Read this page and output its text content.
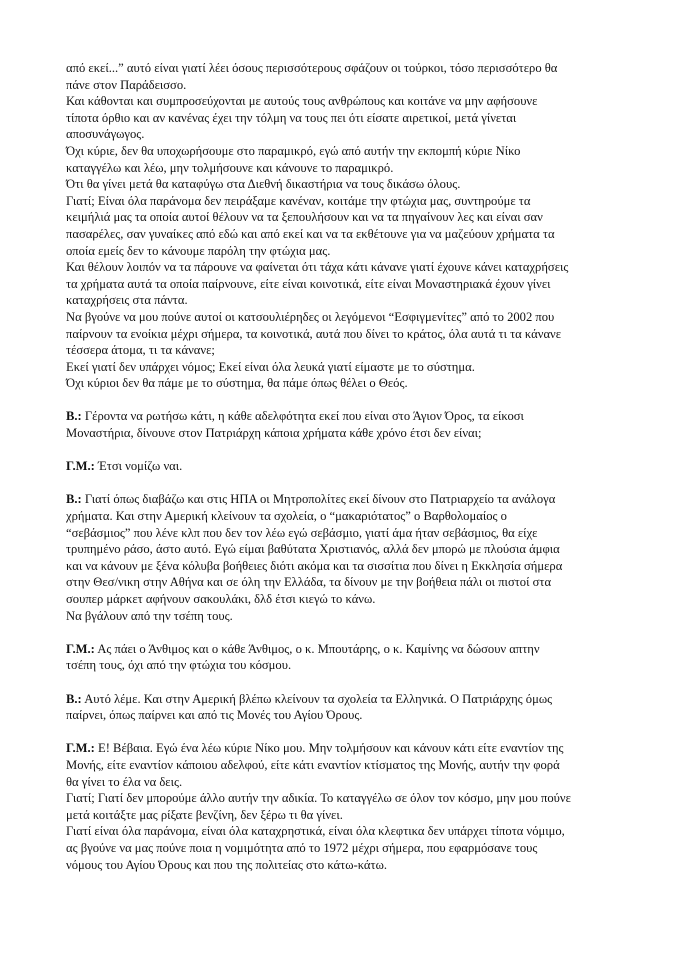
από εκεί...” αυτό είναι γιατί λέει όσους περισσότερους σφάζουν οι τούρκοι, τόσο περισσότερο θα
πάνε στον Παράδεισσο.
Και κάθονται και συμπροσεύχονται με αυτούς τους ανθρώπους και κοιτάνε να μην αφήσουνε
τίποτα όρθιο και αν κανένας έχει την τόλμη να τους πει ότι είσατε αιρετικοί, μετά γίνεται
αποσυνάγωγος.
Όχι κύριε, δεν θα υποχωρήσουμε στο παραμικρό, εγώ από αυτήν την εκπομπή κύριε Νίκο
καταγγέλω και λέω, μην τολμήσουνε και κάνουνε το παραμικρό.
Ότι θα γίνει μετά θα καταφύγω στα Διεθνή δικαστήρια να τους δικάσω όλους.
Γιατί; Είναι όλα παράνομα δεν πειράξαμε κανέναν, κοιτάμε την φτώχια μας, συντηρούμε τα
κειμήλιά μας τα οποία αυτοί θέλουν να τα ξεπουλήσουν και να τα πηγαίνουν λες και είναι σαν
πασαρέλες, σαν γυναίκες από εδώ και από εκεί και να τα εκθέτουνε για να μαζεύουν χρήματα τα
οποία εμείς δεν το κάνουμε παρόλη την φτώχια μας.
Και θέλουν λοιπόν να τα πάρουνε να φαίνεται ότι τάχα κάτι κάνανε γιατί έχουνε κάνει καταχρήσεις
τα χρήματα αυτά τα οποία παίρνουνε, είτε είναι κοινοτικά, είτε είναι Μοναστηριακά έχουν γίνει
καταχρήσεις στα πάντα.
Να βγούνε να μου πούνε αυτοί οι κατσουλιέρηδες οι λεγόμενοι “Εσφιγμενίτες” από το 2002 που
παίρνουν τα ενοίκια μέχρι σήμερα, τα κοινοτικά, αυτά που δίνει το κράτος, όλα αυτά τι τα κάνανε
τέσσερα άτομα, τι τα κάνανε;
Εκεί γιατί δεν υπάρχει νόμος; Εκεί είναι όλα λευκά γιατί είμαστε με το σύστημα.
Όχι κύριοι δεν θα πάμε με το σύστημα, θα πάμε όπως θέλει ο Θεός.
Β.: Γέροντα να ρωτήσω κάτι, η κάθε αδελφότητα εκεί που είναι στο Άγιον Όρος, τα είκοσι
Μοναστήρια, δίνουνε στον Πατριάρχη κάποια χρήματα κάθε χρόνο έτσι δεν είναι;
Γ.Μ.: Έτσι νομίζω ναι.
Β.: Γιατί όπως διαβάζω και στις ΗΠΑ οι Μητροπολίτες εκεί δίνουν στο Πατριαρχείο τα ανάλογα
χρήματα. Και στην Αμερική κλείνουν τα σχολεία, ο “μακαριότατος” ο Βαρθολομαίος ο
“σεβάσμιος” που λένε κλπ που δεν τον λέω εγώ σεβάσμιο, γιατί άμα ήταν σεβάσμιος, θα είχε
τρυπημένο ράσο, άστο αυτό. Εγώ είμαι βαθύτατα Χριστιανός, αλλά δεν μπορώ με πλούσια άμφια
και να κάνουν με ξένα κόλυβα βοήθειες διότι ακόμα και τα σισσίτια που δίνει η Εκκλησία σήμερα
στην Θεσ/νικη στην Αθήνα και σε όλη την Ελλάδα, τα δίνουν με την βοήθεια πάλι οι πιστοί στα
σουπερ μάρκετ αφήνουν σακουλάκι, δλδ έτσι κιεγώ το κάνω.
Να βγάλουν από την τσέπη τους.
Γ.Μ.: Ας πάει ο Άνθιμος και ο κάθε Άνθιμος, ο κ. Μπουτάρης, ο κ. Καμίνης να δώσουν απτην
τσέπη τους, όχι από την φτώχια του κόσμου.
Β.: Αυτό λέμε. Και στην Αμερική βλέπω κλείνουν τα σχολεία τα Ελληνικά. Ο Πατριάρχης όμως
παίρνει, όπως παίρνει και από τις Μονές του Αγίου Όρους.
Γ.Μ.: Ε! Βέβαια. Εγώ ένα λέω κύριε Νίκο μου. Μην τολμήσουν και κάνουν κάτι είτε εναντίον της
Μονής, είτε εναντίον κάποιου αδελφού, είτε κάτι εναντίον κτίσματος της Μονής, αυτήν την φορά
θα γίνει το έλα να δεις.
Γιατί; Γιατί δεν μπορούμε άλλο αυτήν την αδικία. Το καταγγέλω σε όλον τον κόσμο, μην μου πούνε
μετά κοιτάξτε μας ρίξατε βενζίνη, δεν ξέρω τι θα γίνει.
Γιατί είναι όλα παράνομα, είναι όλα καταχρηστικά, είναι όλα κλεφτικα δεν υπάρχει τίποτα νόμιμο,
ας βγούνε να μας πούνε ποια η νομιμότητα από το 1972 μέχρι σήμερα, που εφαρμόσανε τους
νόμους του Αγίου Όρους και που της πολιτείας στο κάτω-κάτω.
